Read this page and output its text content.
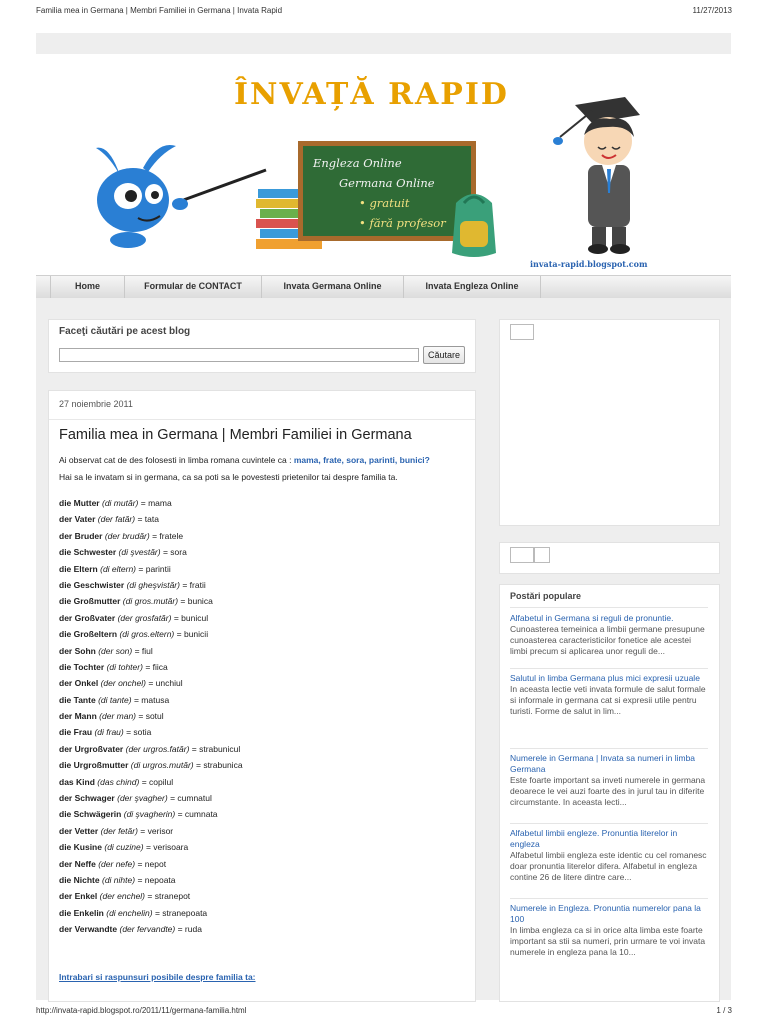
Familia mea in Germana | Membri Familiei in Germana | Invata Rapid	11/27/2013
ÎNVAȚĂ RAPID
Engleza Online
Germana Online
• gratuit
• fără profesor
invata-rapid.blogspot.com
Home	Formular de CONTACT	Invata Germana Online	Invata Engleza Online
Faceţi căutări pe acest blog
Căutare
27 noiembrie 2011
Familia mea in Germana | Membri Familiei in Germana
Ai observat cat de des folosesti in limba romana cuvintele ca : mama, frate, sora, parinti, bunici?
Hai sa le invatam si in germana, ca sa poti sa le povestesti prietenilor tai despre familia ta.
die Mutter (di mutăr) = mama
der Vater (der fatăr) = tata
der Bruder (der brudăr) = fratele
die Schwester (di şvestăr) = sora
die Eltern (di eltern) = parintii
die Geschwister (di gheşvistăr) = fratii
die Großmutter (di gros.mutăr) = bunica
der Großvater (der grosfatăr) = bunicul
die Großeltern (di gros.eltern) = bunicii
der Sohn (der son) = fiul
die Tochter (di tohter) = fiica
der Onkel (der onchel) = unchiul
die Tante (di tante) = matusa
der Mann (der man) = sotul
die Frau (di frau) = sotia
der Urgroßvater (der urgros.fatăr) = strabunicul
die Urgroßmutter (di urgros.mutăr) = strabunica
das Kind (das chind) = copilul
der Schwager (der şvagher) = cumnatul
die Schwägerin (di şvagherin) = cumnata
der Vetter (der fetăr) = verisor
die Kusine (di cuzine) = verisoara
der Neffe (der nefe) = nepot
die Nichte (di nihte) = nepoata
der Enkel (der enchel) = stranepot
die Enkelin (di enchelin) = stranepoata
der Verwandte (der fervandte) = ruda
Intrabari si raspunsuri posibile despre familia ta:
Postări populare
Alfabetul in Germana si reguli de pronuntie.
Cunoasterea temeinica a limbii germane presupune cunoasterea caracteristicilor fonetice ale acestei limbi precum si aplicarea unor reguli de...
Salutul in limba Germana plus mici expresii uzuale
In aceasta lectie veti invata formule de salut formale si informale in germana cat si expresii utile pentru turisti. Forme de salut in lim...
Numerele in Germana | Invata sa numeri in limba Germana
Este foarte important sa inveti numerele in germana deoarece le vei auzi foarte des in jurul tau in diferite circumstante. In aceasta lecti...
Alfabetul limbii engleze. Pronuntia literelor in engleza
Alfabetul limbii engleza este identic cu cel romanesc doar pronuntia literelor difera. Alfabetul in engleza contine 26 de litere dintre care...
Numerele in Engleza. Pronuntia numerelor pana la 100
In limba engleza ca si in orice alta limba este foarte important sa stii sa numeri, prin urmare te voi invata numerele in engleza pana la 10...
http://invata-rapid.blogspot.ro/2011/11/germana-familia.html	1 / 3
